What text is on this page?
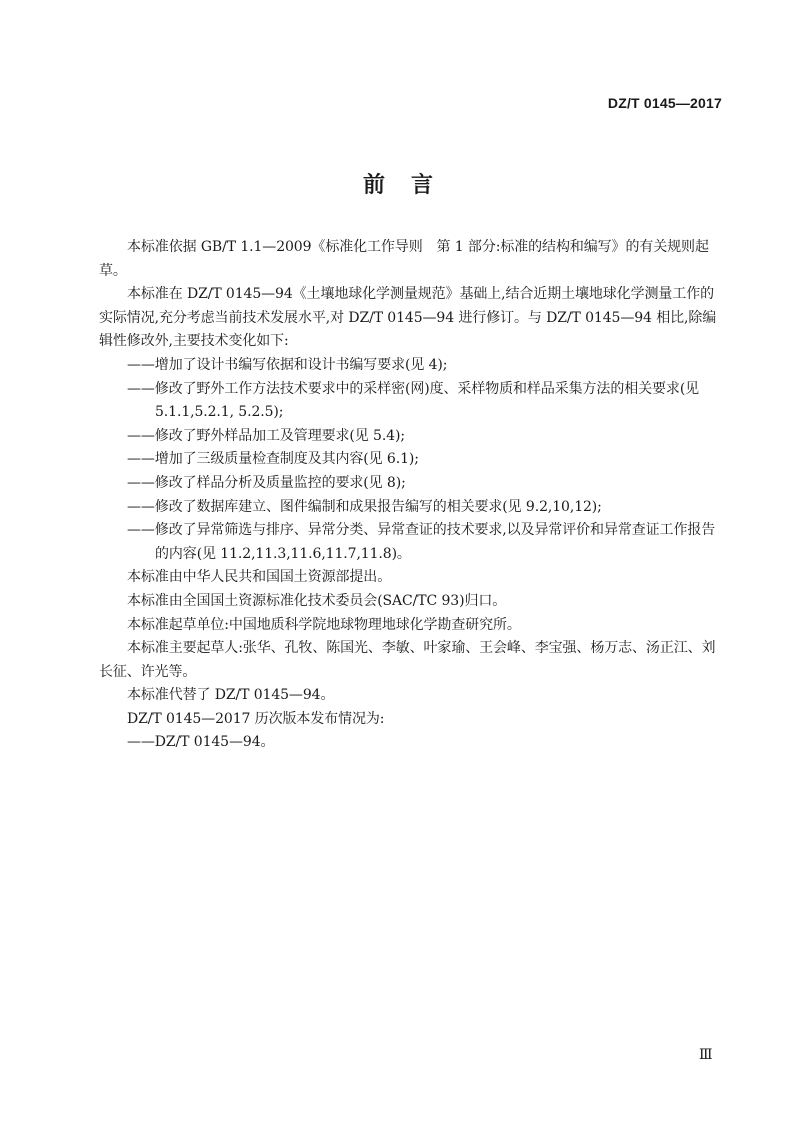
DZ/T 0145—2017
前言

本标准依据 GB/T 1.1—2009《标准化工作导则　第 1 部分:标准的结构和编写》的有关规则起草。

本标准在 DZ/T 0145—94《土壤地球化学测量规范》基础上,结合近期土壤地球化学测量工作的实际情况,充分考虑当前技术发展水平,对 DZ/T 0145—94 进行修订。与 DZ/T 0145—94 相比,除编辑性修改外,主要技术变化如下:

——增加了设计书编写依据和设计书编写要求(见 4);

——修改了野外工作方法技术要求中的采样密(网)度、采样物质和样品采集方法的相关要求(见 5.1.1,5.2.1, 5.2.5);

——修改了野外样品加工及管理要求(见 5.4);

——增加了三级质量检查制度及其内容(见 6.1);

——修改了样品分析及质量监控的要求(见 8);

——修改了数据库建立、图件编制和成果报告编写的相关要求(见 9.2,10,12);

——修改了异常筛选与排序、异常分类、异常查证的技术要求,以及异常评价和异常查证工作报告的内容(见 11.2,11.3,11.6,11.7,11.8)。

本标准由中华人民共和国国土资源部提出。

本标准由全国国土资源标准化技术委员会(SAC/TC 93)归口。

本标准起草单位:中国地质科学院地球物理地球化学勘查研究所。

本标准主要起草人:张华、孔牧、陈国光、李敏、叶家瑜、王会峰、李宝强、杨万志、汤正江、刘长征、许光等。

本标准代替了 DZ/T 0145—94。

DZ/T 0145—2017 历次版本发布情况为:

——DZ/T 0145—94。

Ⅲ
